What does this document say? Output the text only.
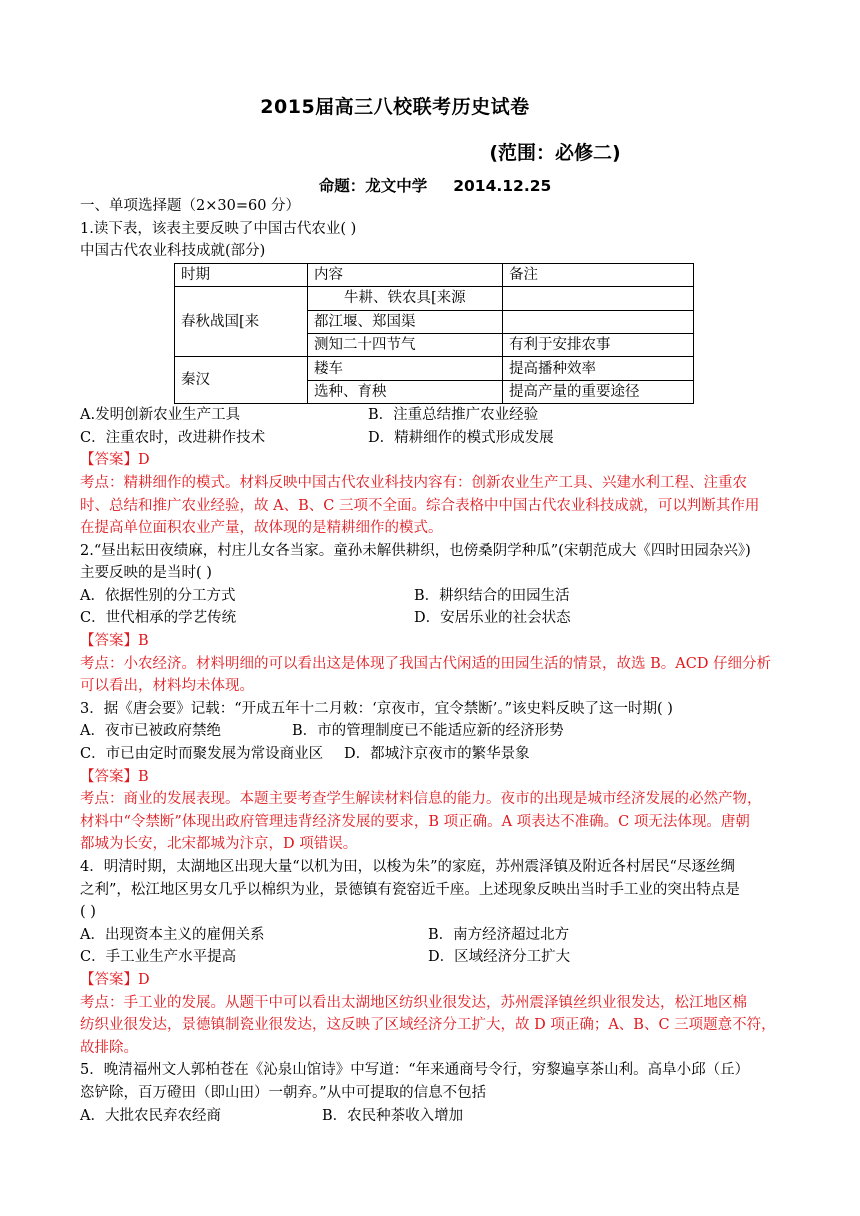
2015届高三八校联考历史试卷
(范围：必修二)
命题：龙文中学 2014.12.25
一、单项选择题（2×30=60 分）
1.读下表，该表主要反映了中国古代农业( )
中国古代农业科技成就(部分)
时期	内容	备注
春秋战国[来	牛耕、铁农具[来源	
	都江堰、郑国渠	
	测知二十四节气	有利于安排农事
秦汉	耧车	提高播种效率
	选种、育秧	提高产量的重要途径
A.发明创新农业生产工具	B．注重总结推广农业经验
C．注重农时，改进耕作技术	D．精耕细作的模式形成发展
【答案】D
考点：精耕细作的模式。材料反映中国古代农业科技内容有：创新农业生产工具、兴建水利工程、注重农
时、总结和推广农业经验，故 A、B、C 三项不全面。综合表格中中国古代农业科技成就，可以判断其作用
在提高单位面积农业产量，故体现的是精耕细作的模式。
2.“昼出耘田夜绩麻，村庄儿女各当家。童孙未解供耕织，也傍桑阴学种瓜”(宋朝范成大《四时田园杂兴》)
主要反映的是当时( )
A．依据性别的分工方式	B．耕织结合的田园生活
C．世代相承的学艺传统	D．安居乐业的社会状态
【答案】B
考点：小农经济。材料明细的可以看出这是体现了我国古代闲适的田园生活的情景，故选 B。ACD 仔细分析
可以看出，材料均未体现。
3．据《唐会要》记载：“开成五年十二月敕：‘京夜市，宜令禁断’。”该史料反映了这一时期( )
A．夜市已被政府禁绝	B．市的管理制度已不能适应新的经济形势
C．市已由定时而聚发展为常设商业区	D．都城汴京夜市的繁华景象
【答案】B
考点：商业的发展表现。本题主要考查学生解读材料信息的能力。夜市的出现是城市经济发展的必然产物，
材料中“令禁断”体现出政府管理违背经济发展的要求，B 项正确。A 项表达不准确。C 项无法体现。唐朝
都城为长安，北宋都城为汴京，D 项错误。
4．明清时期，太湖地区出现大量“以机为田，以梭为朱”的家庭，苏州震泽镇及附近各村居民“尽逐丝绸
之利”，松江地区男女几乎以棉织为业，景德镇有瓷窑近千座。上述现象反映出当时手工业的突出特点是
( )
A．出现资本主义的雇佣关系	B．南方经济超过北方
C．手工业生产水平提高	D．区域经济分工扩大
【答案】D
考点：手工业的发展。从题干中可以看出太湖地区纺织业很发达，苏州震泽镇丝织业很发达，松江地区棉
纺织业很发达，景德镇制瓷业很发达，这反映了区域经济分工扩大，故 D 项正确；A、B、C 三项题意不符，
故排除。
5．晚清福州文人郭柏苍在《沁泉山馆诗》中写道：“年来通商号令行，穷黎遍享茶山利。高阜小邱（丘）
恣铲除，百万磴田（即山田）一朝弃。”从中可提取的信息不包括
A．大批农民弃农经商	B．农民种茶收入增加
